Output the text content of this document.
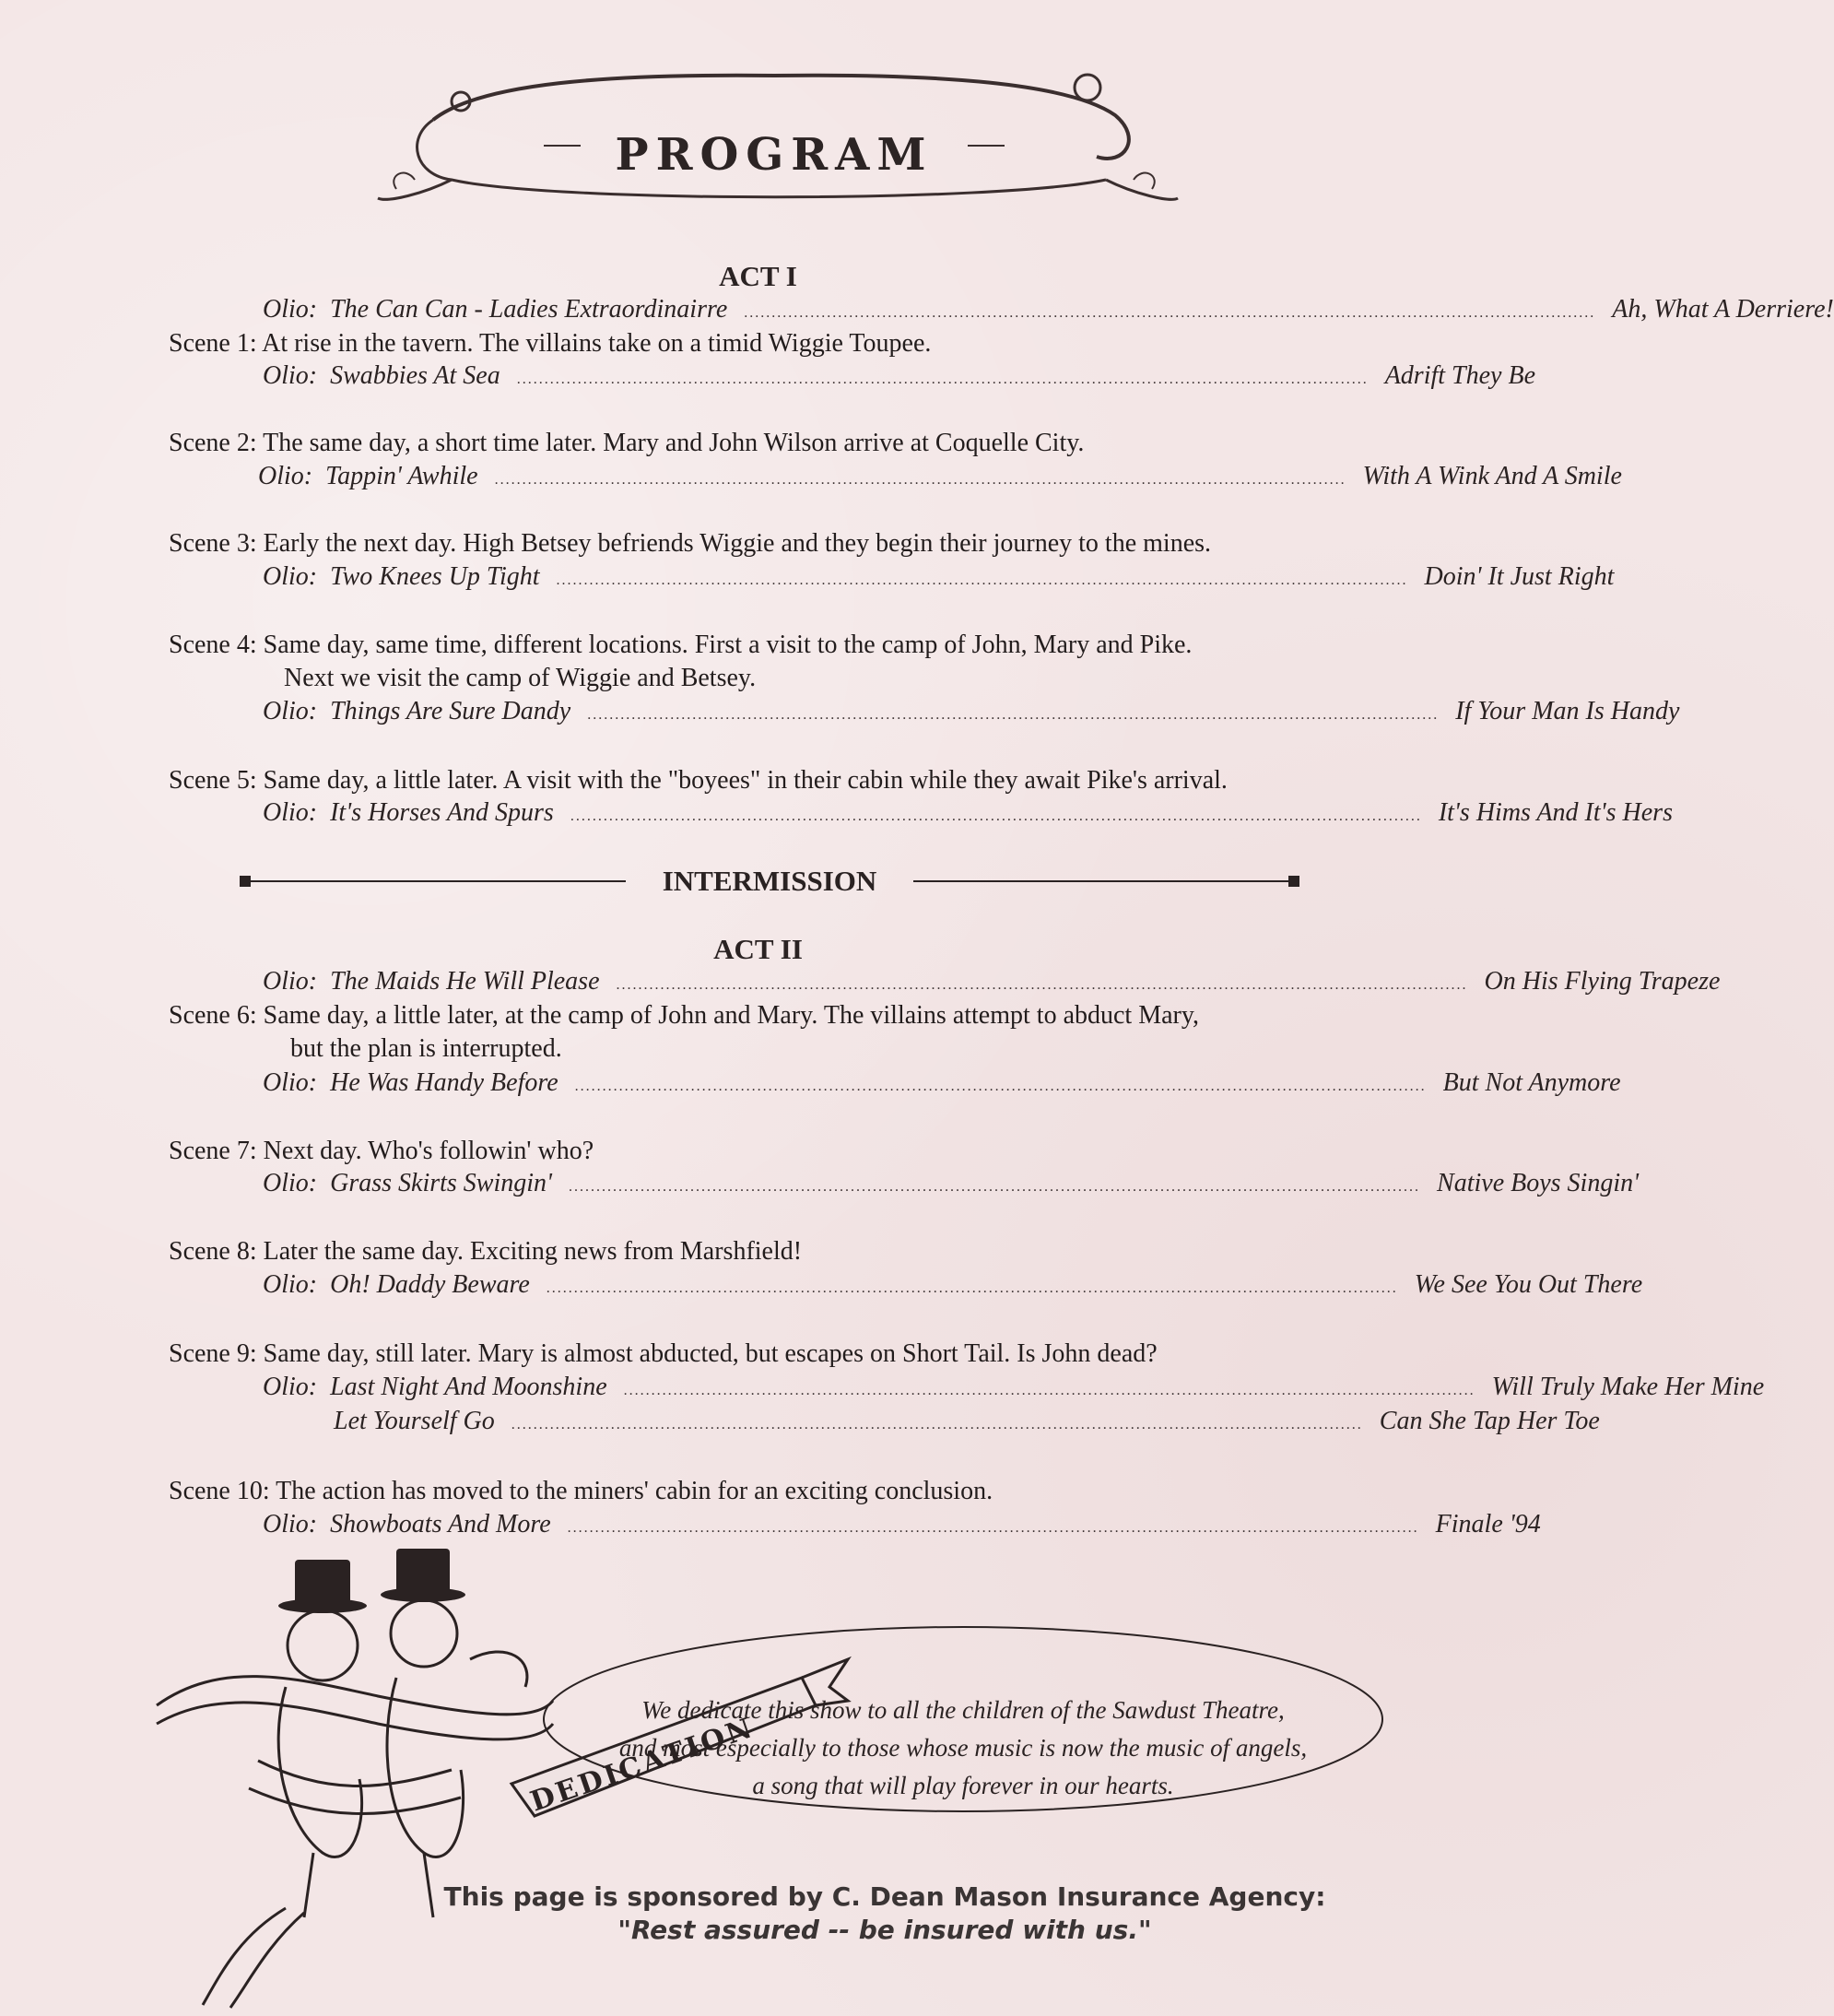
PROGRAM
ACT I
Olio:
The Can Can - Ladies Extraordinairre .......................................................................................................................................................... Ah, What A Derriere!
Scene 1: At rise in the tavern. The villains take on a timid Wiggie Toupee.
Olio:
Swabbies At Sea .......................................................................................................................................................... Adrift They Be
Scene 2: The same day, a short time later. Mary and John Wilson arrive at Coquelle City.
Olio:
Tappin' Awhile .......................................................................................................................................................... With A Wink And A Smile
Scene 3: Early the next day. High Betsey befriends Wiggie and they begin their journey to the mines.
Olio:
Two Knees Up Tight .......................................................................................................................................................... Doin' It Just Right
Scene 4: Same day, same time, different locations. First a visit to the camp of John, Mary and Pike.
Next we visit the camp of Wiggie and Betsey.
Olio:
Things Are Sure Dandy .......................................................................................................................................................... If Your Man Is Handy
Scene 5: Same day, a little later. A visit with the "boyees" in their cabin while they await Pike's arrival.
Olio:
It's Horses And Spurs .......................................................................................................................................................... It's Hims And It's Hers
INTERMISSION
ACT II
Olio:
The Maids He Will Please .......................................................................................................................................................... On His Flying Trapeze
Scene 6: Same day, a little later, at the camp of John and Mary. The villains attempt to abduct Mary,
but the plan is interrupted.
Olio:
He Was Handy Before .......................................................................................................................................................... But Not Anymore
Scene 7: Next day. Who's followin' who?
Olio:
Grass Skirts Swingin' .......................................................................................................................................................... Native Boys Singin'
Scene 8: Later the same day. Exciting news from Marshfield!
Olio:
Oh! Daddy Beware .......................................................................................................................................................... We See You Out There
Scene 9: Same day, still later. Mary is almost abducted, but escapes on Short Tail. Is John dead?
Olio:
Last Night And Moonshine .......................................................................................................................................................... Will Truly Make Her Mine
Let Yourself Go .......................................................................................................................................................... Can She Tap Her Toe
Scene 10: The action has moved to the miners' cabin for an exciting conclusion.
Olio:
Showboats And More .......................................................................................................................................................... Finale '94
DEDICATION
We dedicate this show to all the children of the Sawdust Theatre,
and most especially to those whose music is now the music of angels,
a song that will play forever in our hearts.
This page is sponsored by C. Dean Mason Insurance Agency:
"Rest assured -- be insured with us."
